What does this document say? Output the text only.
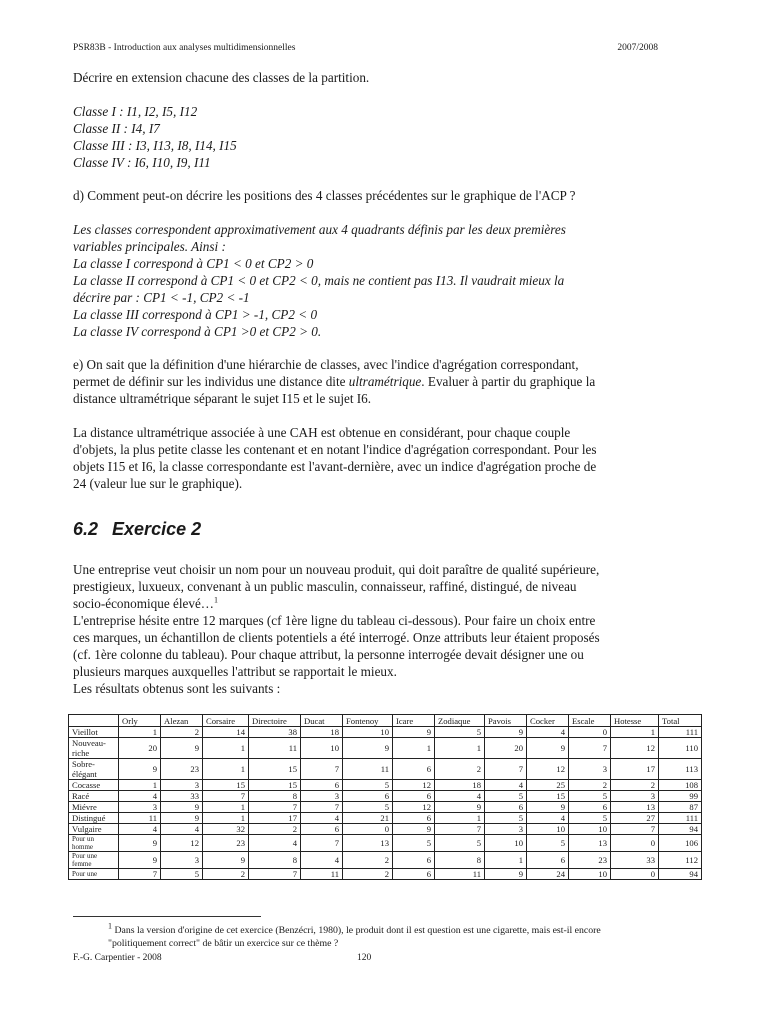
PSR83B - Introduction aux analyses multidimensionnelles	2007/2008

Décrire en extension chacune des classes de la partition.

Classe I : I1, I2, I5, I12
Classe II : I4, I7
Classe III : I3, I13, I8, I14, I15
Classe IV : I6, I10, I9, I11

d) Comment peut-on décrire les positions des 4 classes précédentes sur le graphique de l'ACP ?

Les classes correspondent approximativement aux 4 quadrants définis par les deux premières
variables principales. Ainsi :
La classe I correspond à CP1 < 0 et CP2 > 0
La classe II correspond à CP1 < 0 et CP2 < 0, mais ne contient pas I13. Il vaudrait mieux la
décrire par : CP1 < -1, CP2 < -1
La classe III correspond à CP1 > -1, CP2 < 0
La classe IV correspond à CP1 >0 et CP2 > 0.
e) On sait que la définition d'une hiérarchie de classes, avec l'indice d'agrégation correspondant,
permet de définir sur les individus une distance dite ultramétrique. Evaluer à partir du graphique la
distance ultramétrique séparant le sujet I15 et le sujet I6.
La distance ultramétrique associée à une CAH est obtenue en considérant, pour chaque couple
d'objets, la plus petite classe les contenant et en notant l'indice d'agrégation correspondant. Pour les
objets I15 et I6, la classe correspondante est l'avant-dernière, avec un indice d'agrégation proche de
24 (valeur lue sur le graphique).
6.2 Exercice 2
Une entreprise veut choisir un nom pour un nouveau produit, qui doit paraître de qualité supérieure,
prestigieux, luxueux, convenant à un public masculin, connaisseur, raffiné, distingué, de niveau
socio-économique élevé…$^1$
L'entreprise hésite entre 12 marques (cf 1ère ligne du tableau ci-dessous). Pour faire un choix entre
ces marques, un échantillon de clients potentiels a été interrogé. Onze attributs leur étaient proposés
(cf. 1ère colonne du tableau). Pour chaque attribut, la personne interrogée devait désigner une ou
plusieurs marques auxquelles l'attribut se rapportait le mieux.
Les résultats obtenus sont les suivants :
	Orly	Alezan	Corsaire	Directoire	Ducat	Fontenoy	Icare	Zodiaque	Pavois	Cocker	Escale	Hotesse	Total
Vieillot	1	2	14	38	18	10	9	5	9	4	0	1	111
Nouveau-riche	20	9	1	11	10	9	1	1	20	9	7	12	110
Sobre-élégant	9	23	1	15	7	11	6	2	7	12	3	17	113
Cocasse	1	3	15	15	6	5	12	18	4	25	2	2	108
Racé	4	33	7	8	3	6	6	4	5	15	5	3	99
Miévre	3	9	1	7	7	5	12	9	6	9	6	13	87
Distingué	11	9	1	17	4	21	6	1	5	4	5	27	111
Vulgaire	4	4	32	2	6	0	9	7	3	10	10	7	94
Pour un homme	9	12	23	4	7	13	5	5	10	5	13	0	106
Pour une femme	9	3	9	8	4	2	6	8	1	6	23	33	112
Pour une	7	5	2	7	11	2	6	11	9	24	10	0	94
$^1$ Dans la version d'origine de cet exercice (Benzécri, 1980), le produit dont il est question est une cigarette, mais est-il encore
"politiquement correct" de bâtir un exercice sur ce thème ?
F.-G. Carpentier - 2008	120
